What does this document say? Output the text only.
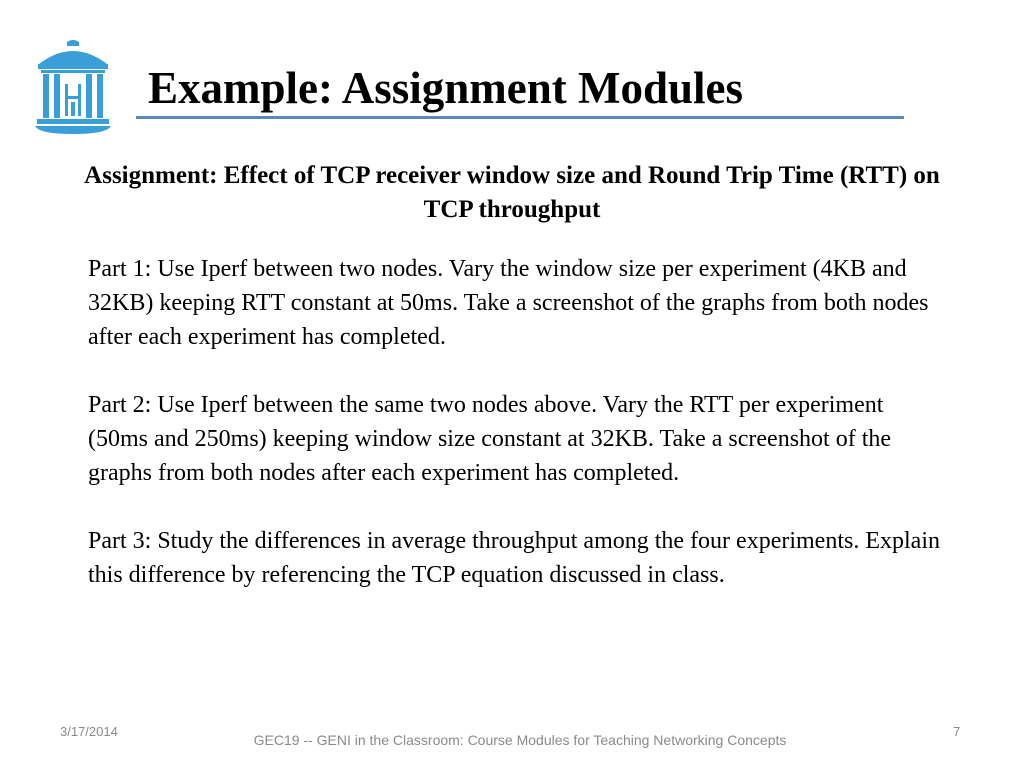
Example: Assignment Modules
Assignment: Effect of TCP receiver window size and Round Trip Time (RTT) on TCP throughput

Part 1: Use Iperf between two nodes. Vary the window size per experiment (4KB and 32KB) keeping RTT constant at 50ms. Take a screenshot of the graphs from both nodes after each experiment has completed.

Part 2: Use Iperf between the same two nodes above. Vary the RTT per experiment (50ms and 250ms) keeping window size constant at 32KB. Take a screenshot of the graphs from both nodes after each experiment has completed.

Part 3: Study the differences in average throughput among the four experiments. Explain this difference by referencing the TCP equation discussed in class.

3/17/2014
GEC19 -- GENI in the Classroom: Course Modules for Teaching Networking Concepts
7
